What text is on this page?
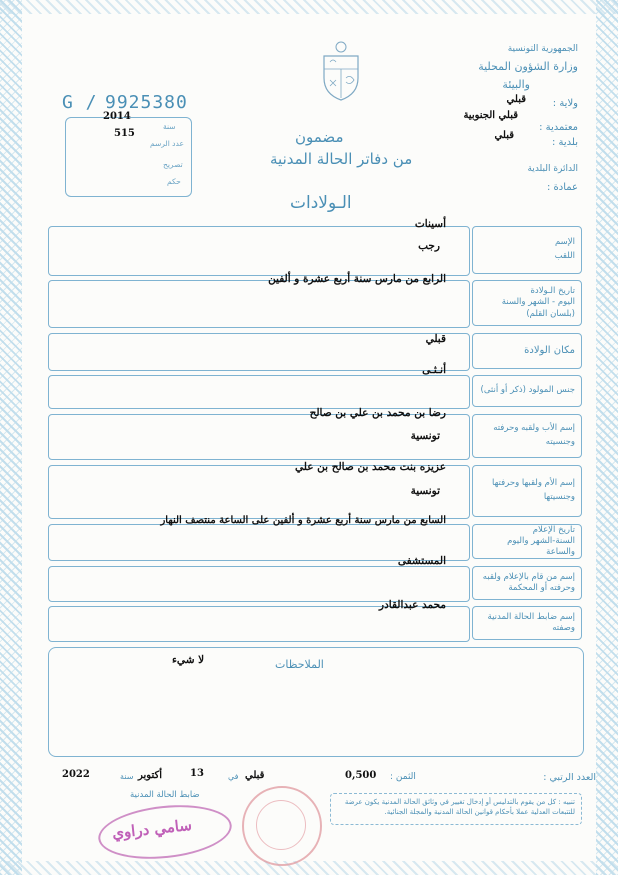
الجمهورية التونسية
وزارة الشؤون المحلية
والبيئة
ولاية :
قبلي
معتمدية :
قبلي الجنوبية
بلدية :
قبلي
الدائرة البلدية
عمادة :
G / 9925380
2014
سنة
515
عدد الرسم
تصريح
حكم
مضمون
من دفاتر الحالة المدنية
الـولادات
الإسم
اللقب
أسينات
رجب
تاريخ الـولادة
اليوم - الشهر والسنة
(بلسان القلم)
الرابع من مارس سنة أربع عشرة و ألفين
مكان الولادة
قبلي
جنس المولود (ذكر أو أنثى)
أنـثـى
إسم الأب ولقبه وحرفته
وجنسيته
رضا بن محمد بن علي بن صالح
تونسية
إسم الأم ولقبها وحرفتها
وجنسيتها
عزيزه بنت محمد بن صالح بن علي
تونسية
تاريخ الإعلام
السنة-الشهر واليوم والساعة
السابع من مارس سنة أربع عشرة و ألفين على الساعة منتصف النهار
إسم من قام بالإعلام ولقبه
وحرفته أو المحكمة
المستشفى
إسم ضابط الحالة المدنية
وصفته
محمد عبدالقادر
الملاحظات
لا شيء
العدد الرتبي :
الثمن :
0,500
قبلي
في
13
أكتوبر
سنة
2022
ضابط الحالة المدنية
تنبيه : كل من يقوم بالتدليس أو إدخال تغيير في وثائق الحالة المدنية يكون عرضة للتتبعات العدلية عملا بأحكام قوانين الحالة المدنية والمجلة الجنائية.
سامي دراوي
